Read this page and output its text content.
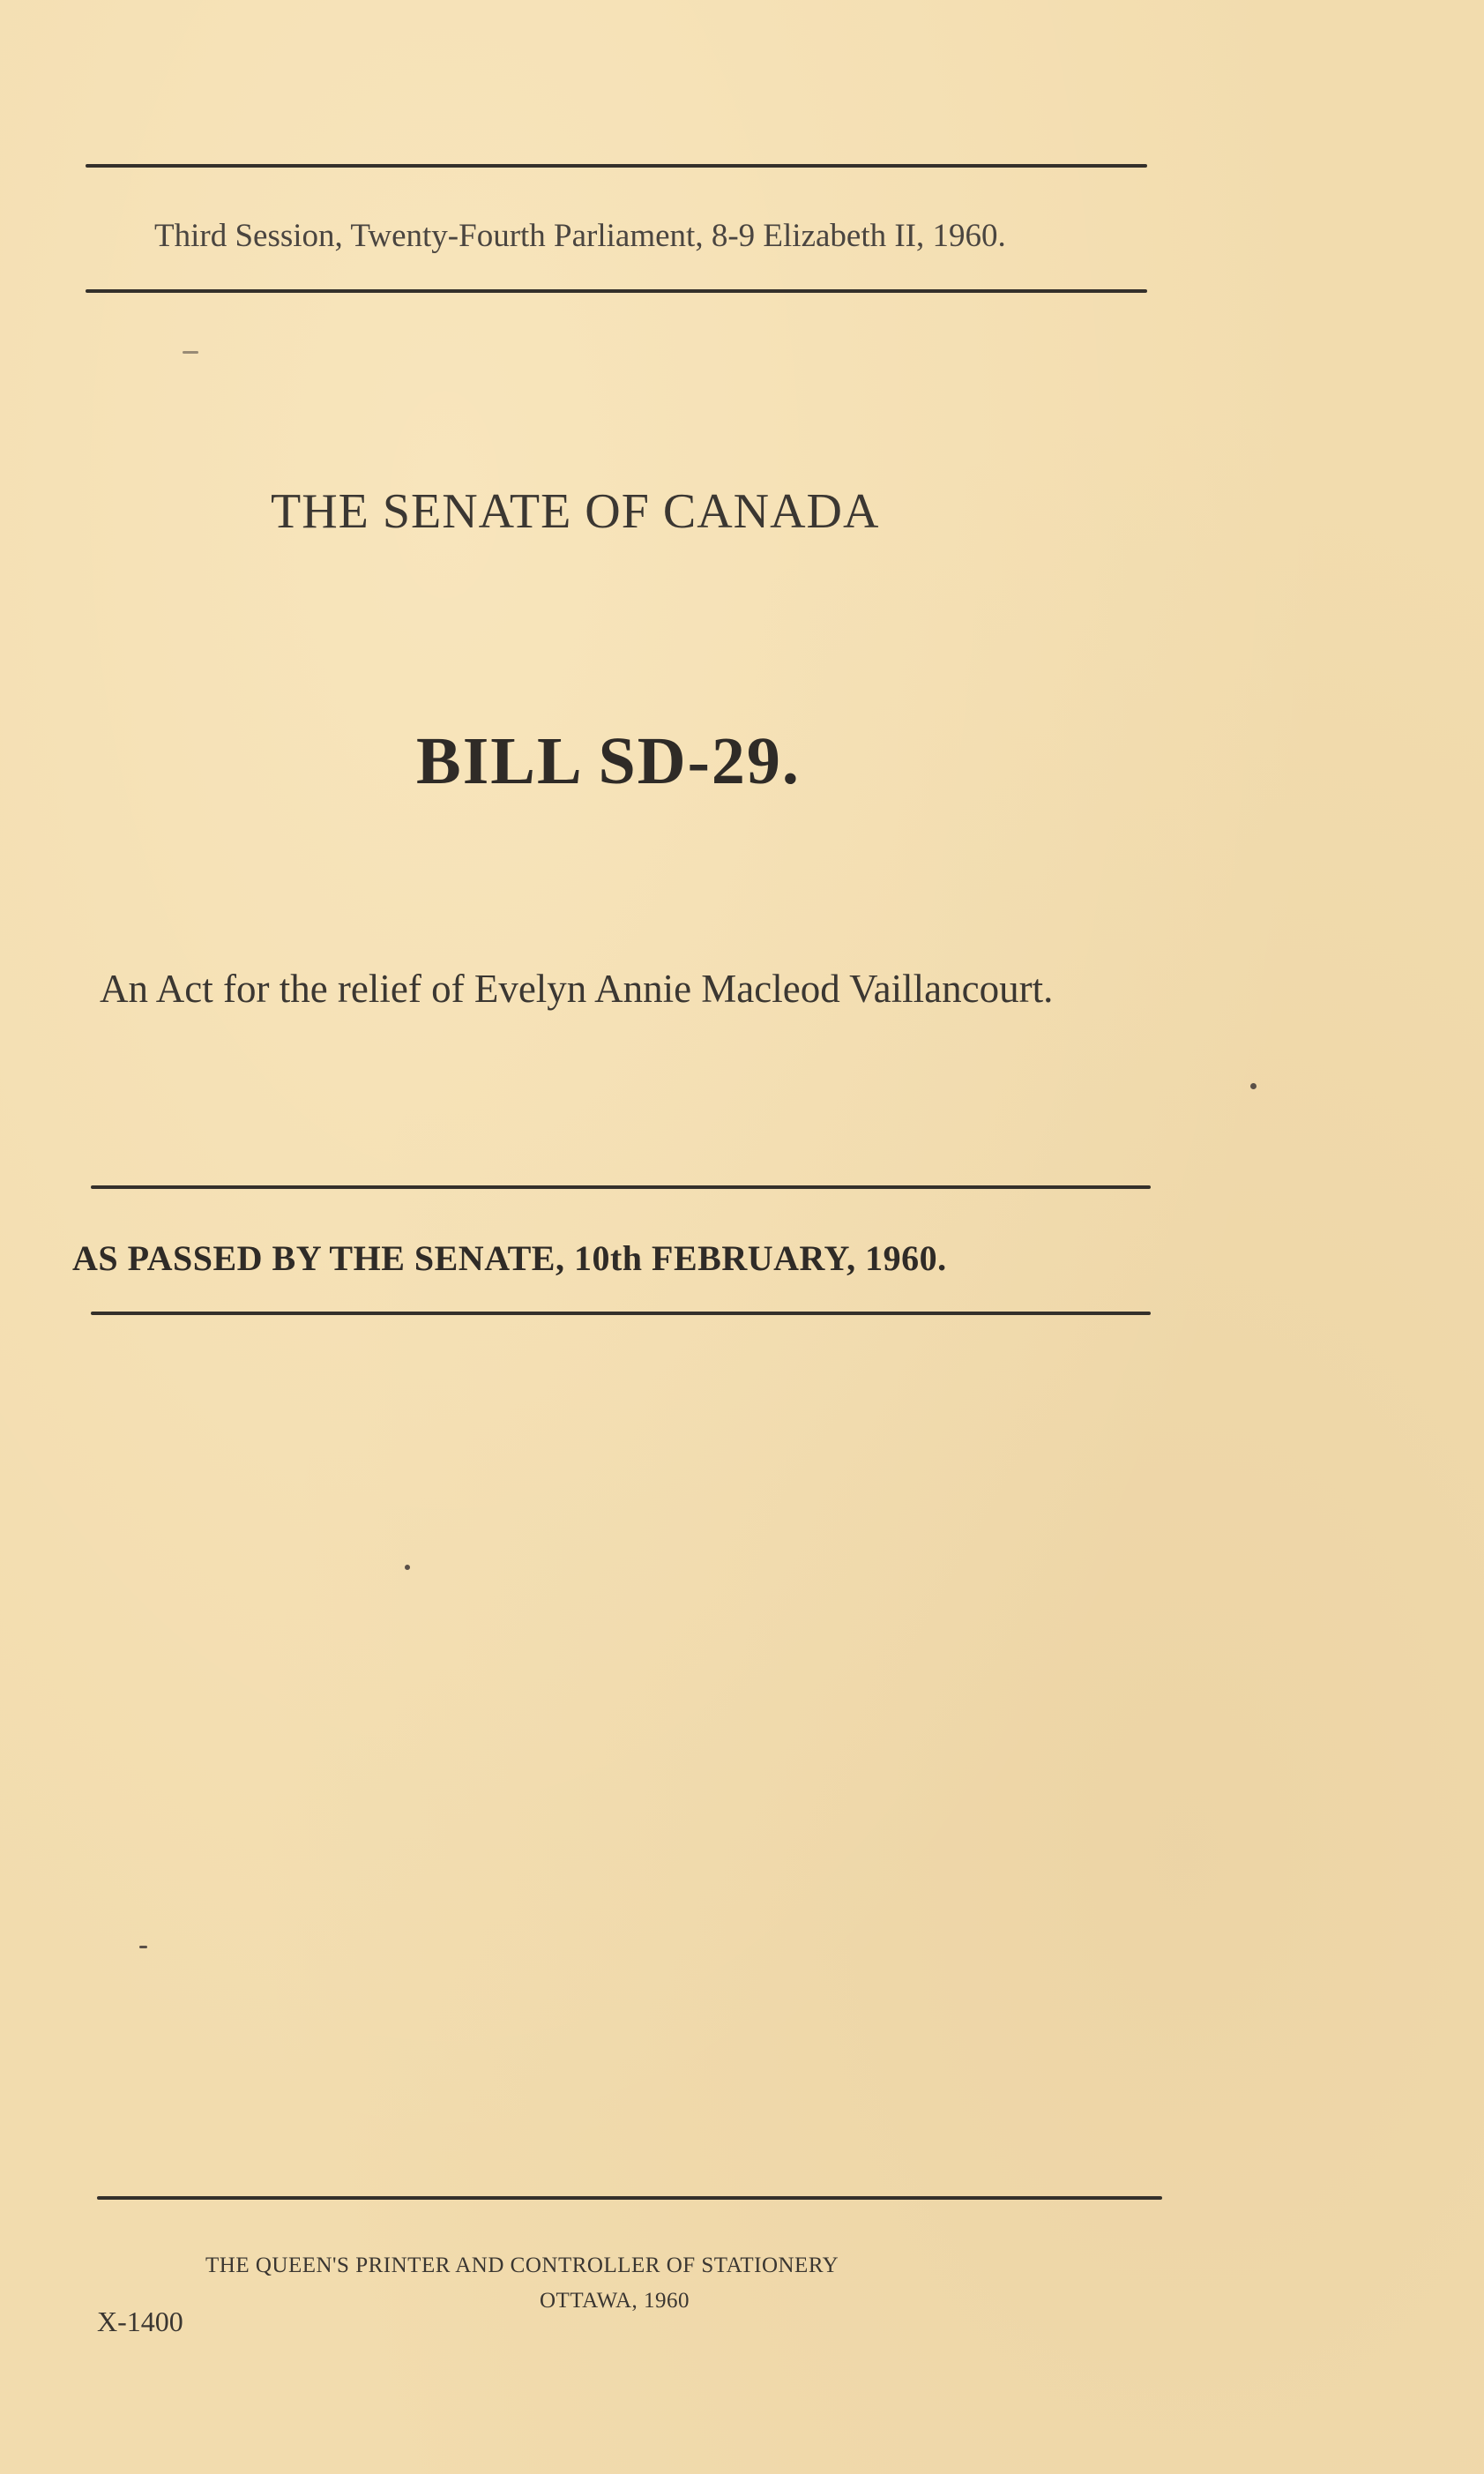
Third Session, Twenty-Fourth Parliament, 8-9 Elizabeth II, 1960.
THE SENATE OF CANADA
BILL SD-29.
An Act for the relief of Evelyn Annie Macleod Vaillancourt.
AS PASSED BY THE SENATE, 10th FEBRUARY, 1960.
THE QUEEN'S PRINTER AND CONTROLLER OF STATIONERY
OTTAWA, 1960
X-1400
